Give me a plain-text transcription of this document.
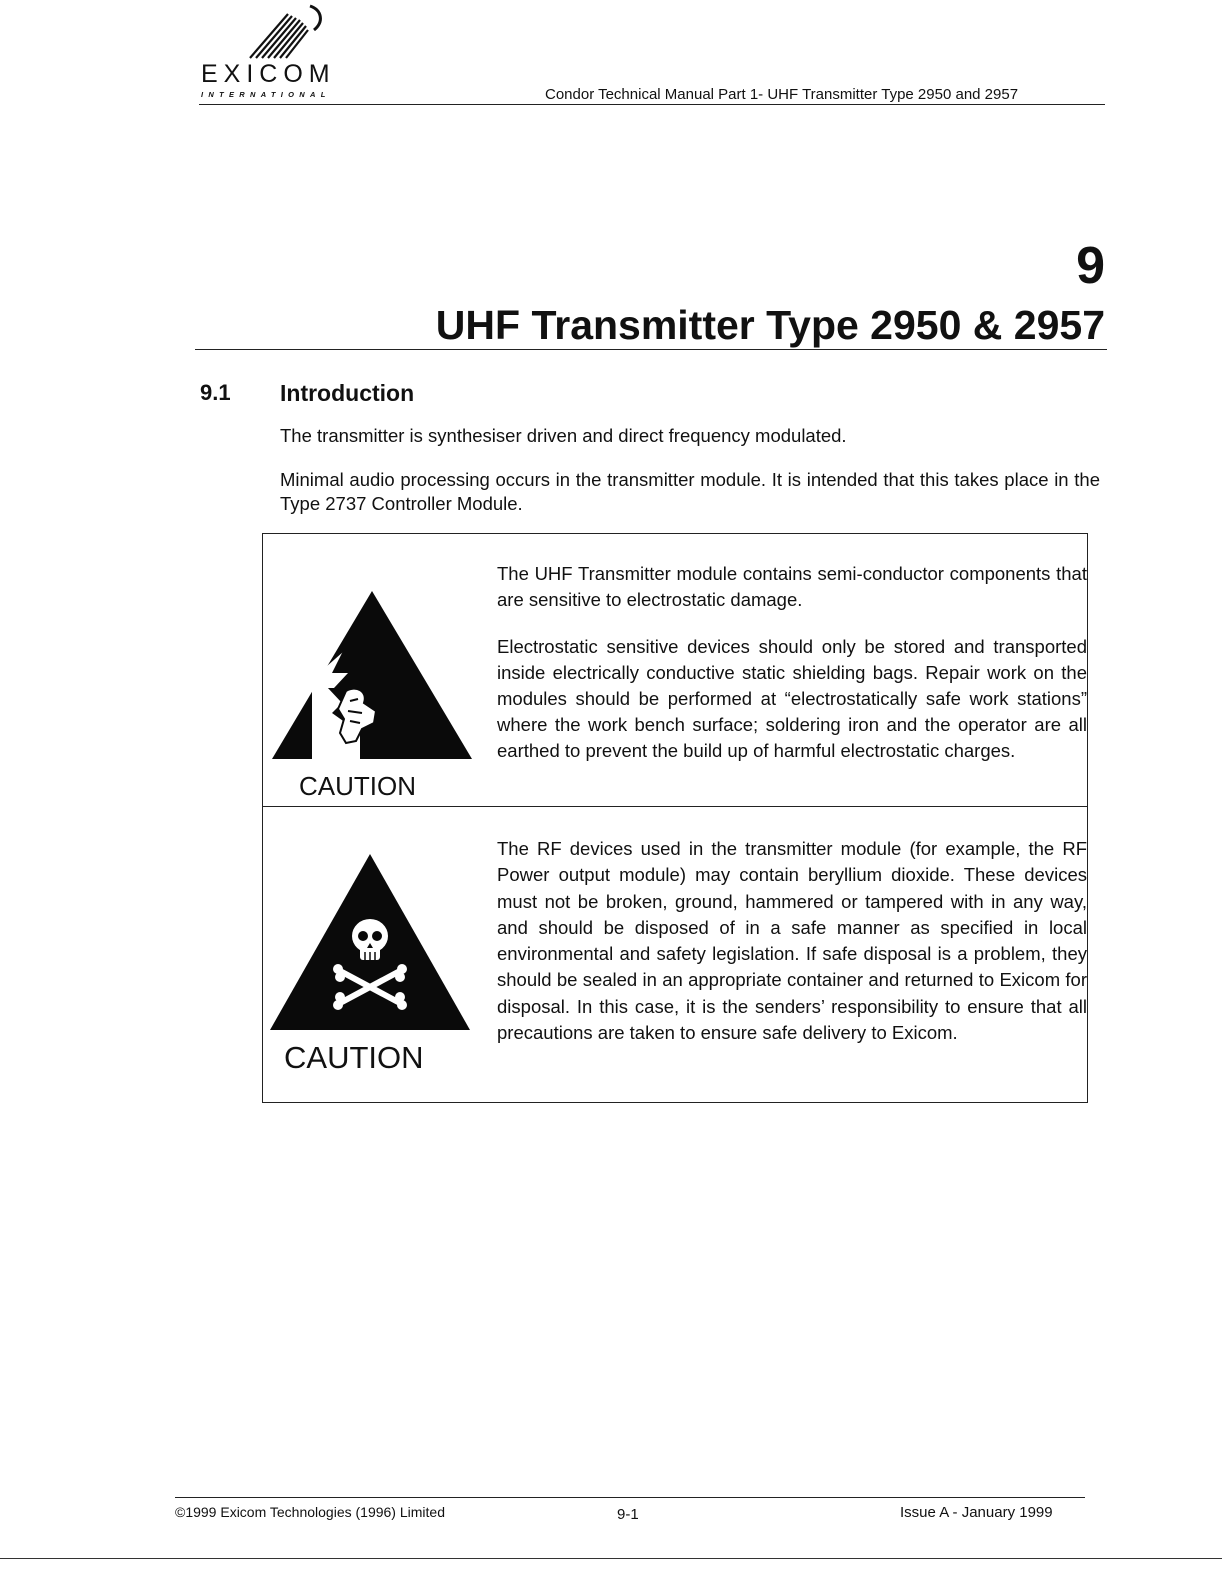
EXICOM
INTERNATIONAL	Condor Technical Manual Part 1- UHF Transmitter Type 2950 and 2957
9
UHF Transmitter Type 2950 & 2957
9.1 Introduction
The transmitter is synthesiser driven and direct frequency modulated.
Minimal audio processing occurs in the transmitter module. It is intended that this takes place in the Type 2737 Controller Module.
CAUTION
The UHF Transmitter module contains semi-conductor components that are sensitive to electrostatic damage.
Electrostatic sensitive devices should only be stored and transported inside electrically conductive static shielding bags. Repair work on the modules should be performed at “electrostatically safe work stations” where the work bench surface; soldering iron and the operator are all earthed to prevent the build up of harmful electrostatic charges.
CAUTION
The RF devices used in the transmitter module (for example, the RF Power output module) may contain beryllium dioxide. These devices must not be broken, ground, hammered or tampered with in any way, and should be disposed of in a safe manner as specified in local environmental and safety legislation. If safe disposal is a problem, they should be sealed in an appropriate container and returned to Exicom for disposal. In this case, it is the senders’ responsibility to ensure that all precautions are taken to ensure safe delivery to Exicom.
©1999 Exicom Technologies (1996) Limited	9-1	Issue A - January 1999
